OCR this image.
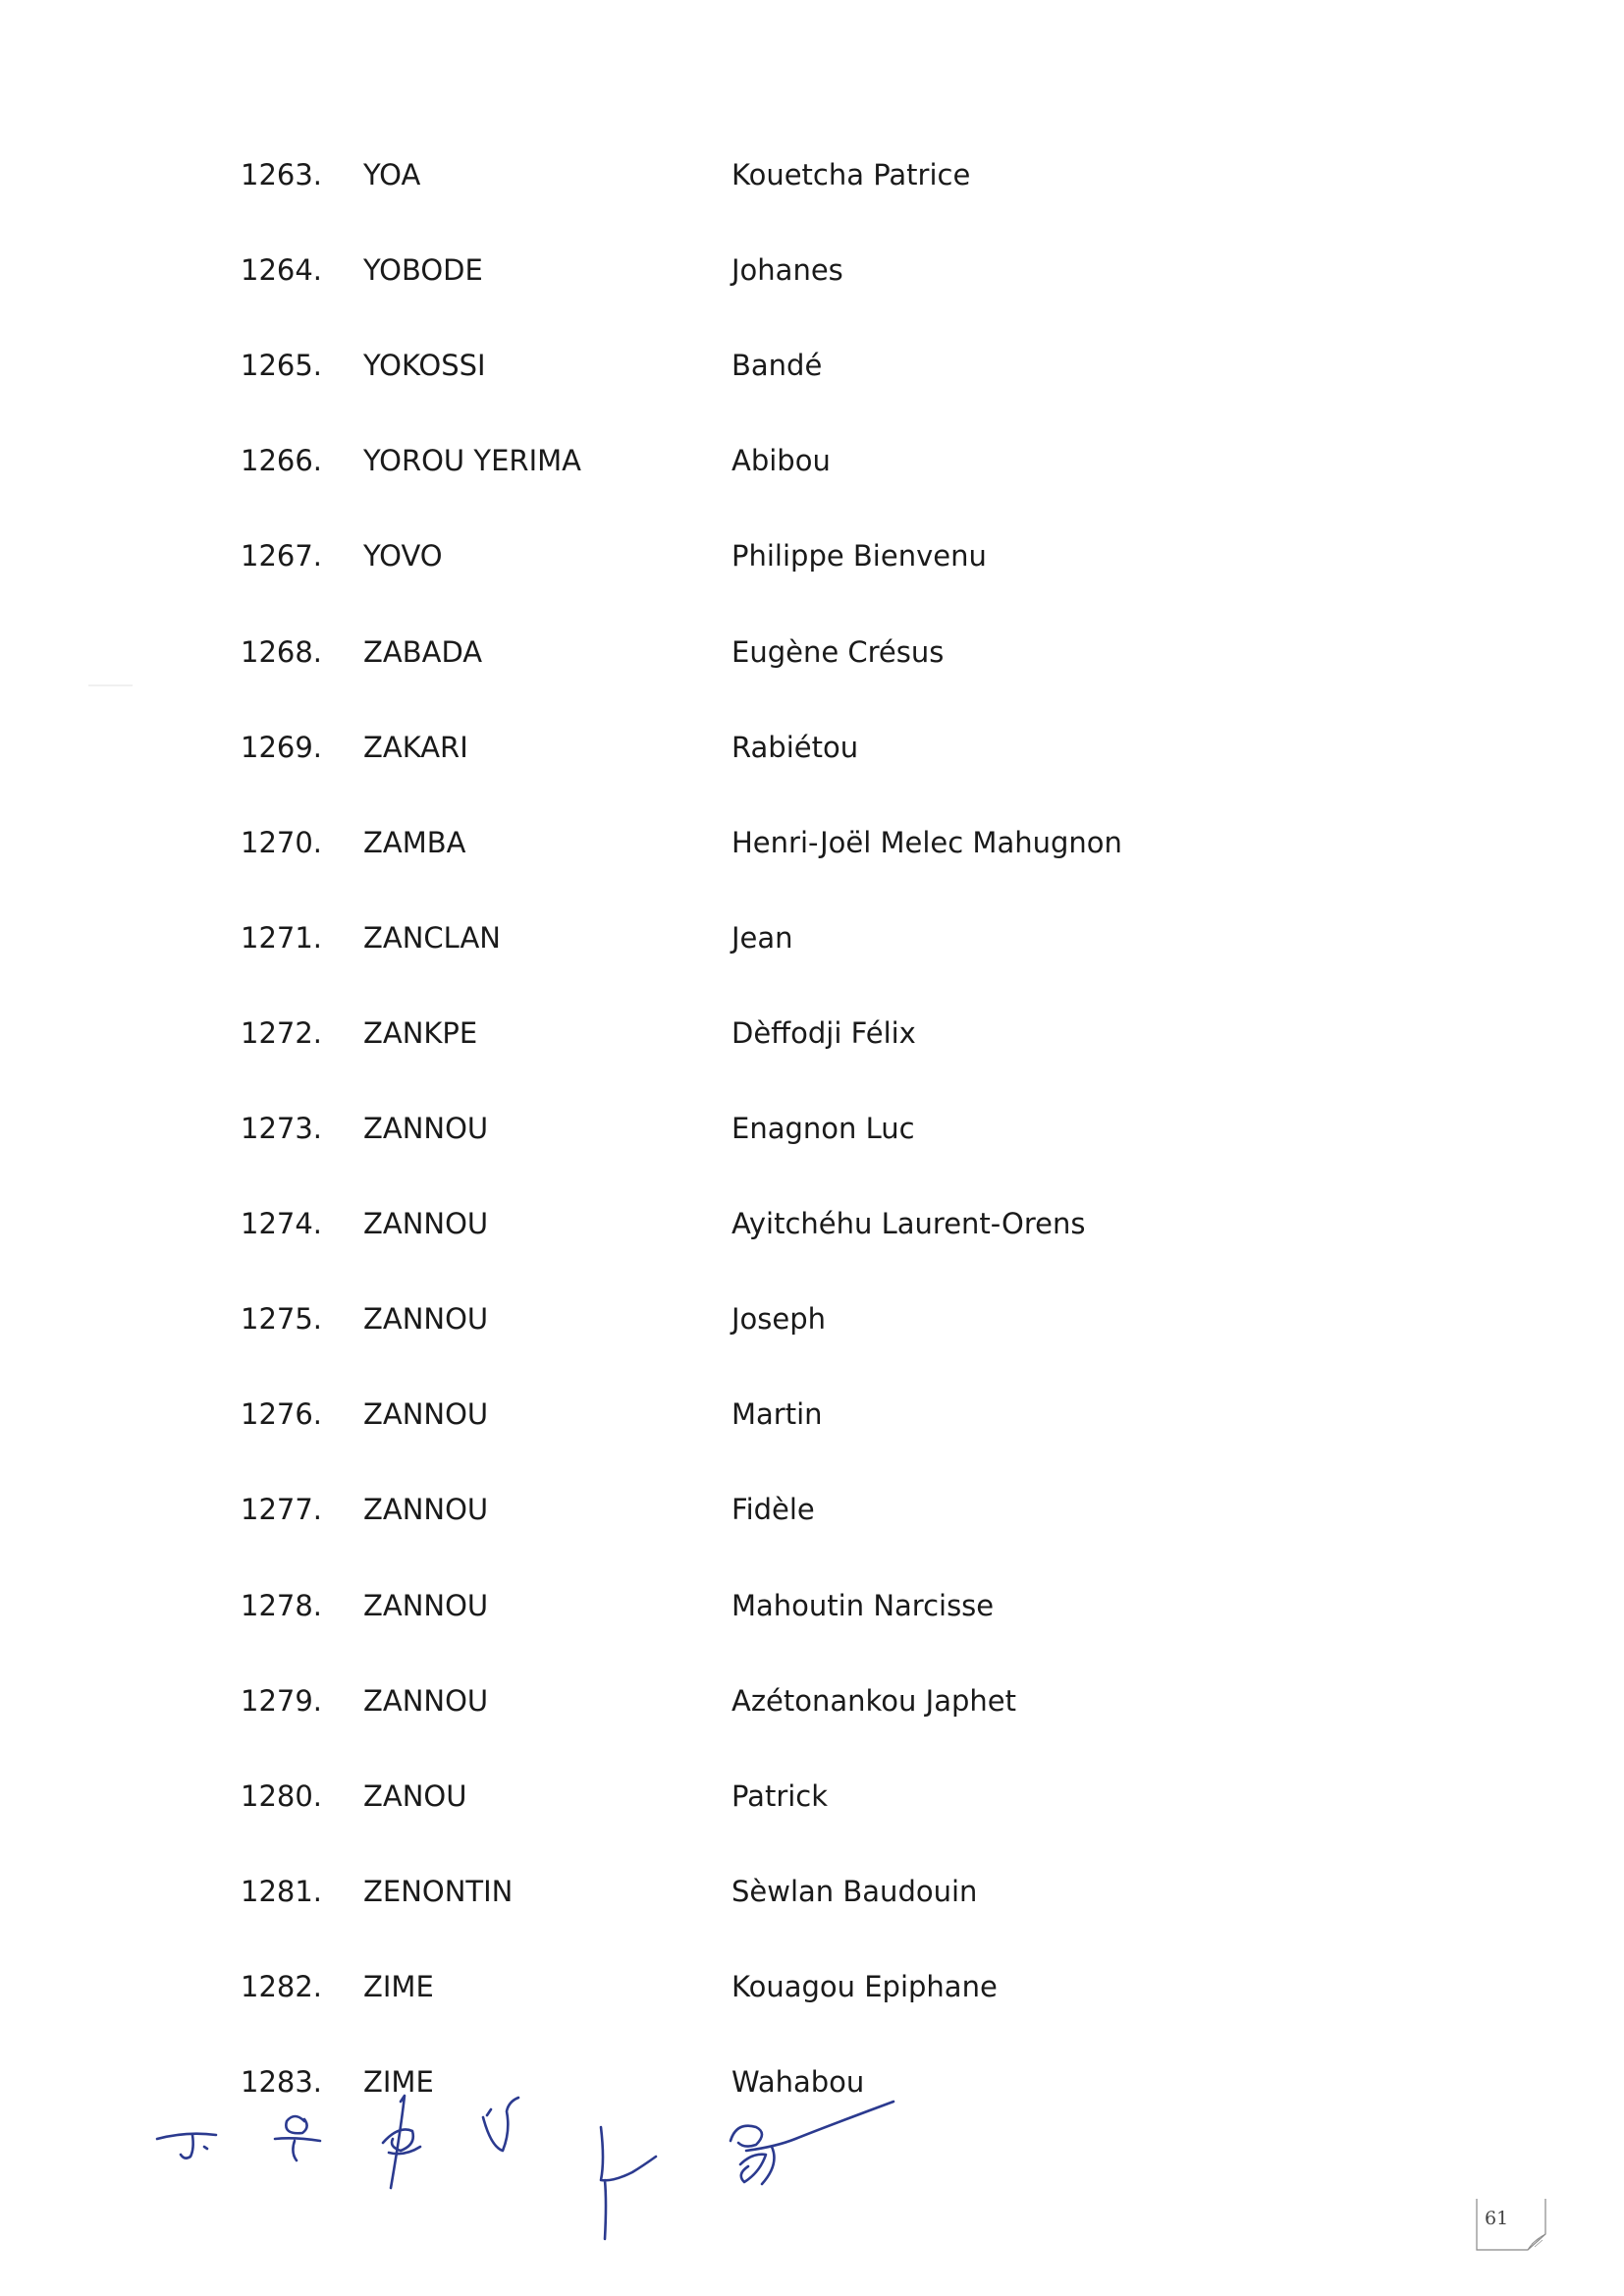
1263. YOA	Kouetcha Patrice
1264. YOBODE	Johanes
1265. YOKOSSI	Bandé
1266. YOROU YERIMA	Abibou
1267. YOVO	Philippe Bienvenu
1268. ZABADA	Eugène Crésus
1269. ZAKARI	Rabiétou
1270. ZAMBA	Henri-Joël Melec Mahugnon
1271. ZANCLAN	Jean
1272. ZANKPE	Dèffodji Félix
1273. ZANNOU	Enagnon Luc
1274. ZANNOU	Ayitchéhu Laurent-Orens
1275. ZANNOU	Joseph
1276. ZANNOU	Martin
1277. ZANNOU	Fidèle
1278. ZANNOU	Mahoutin Narcisse
1279. ZANNOU	Azétonankou Japhet
1280. ZANOU	Patrick
1281. ZENONTIN	Sèwlan Baudouin
1282. ZIME	Kouagou Epiphane
1283. ZIME	Wahabou
61
